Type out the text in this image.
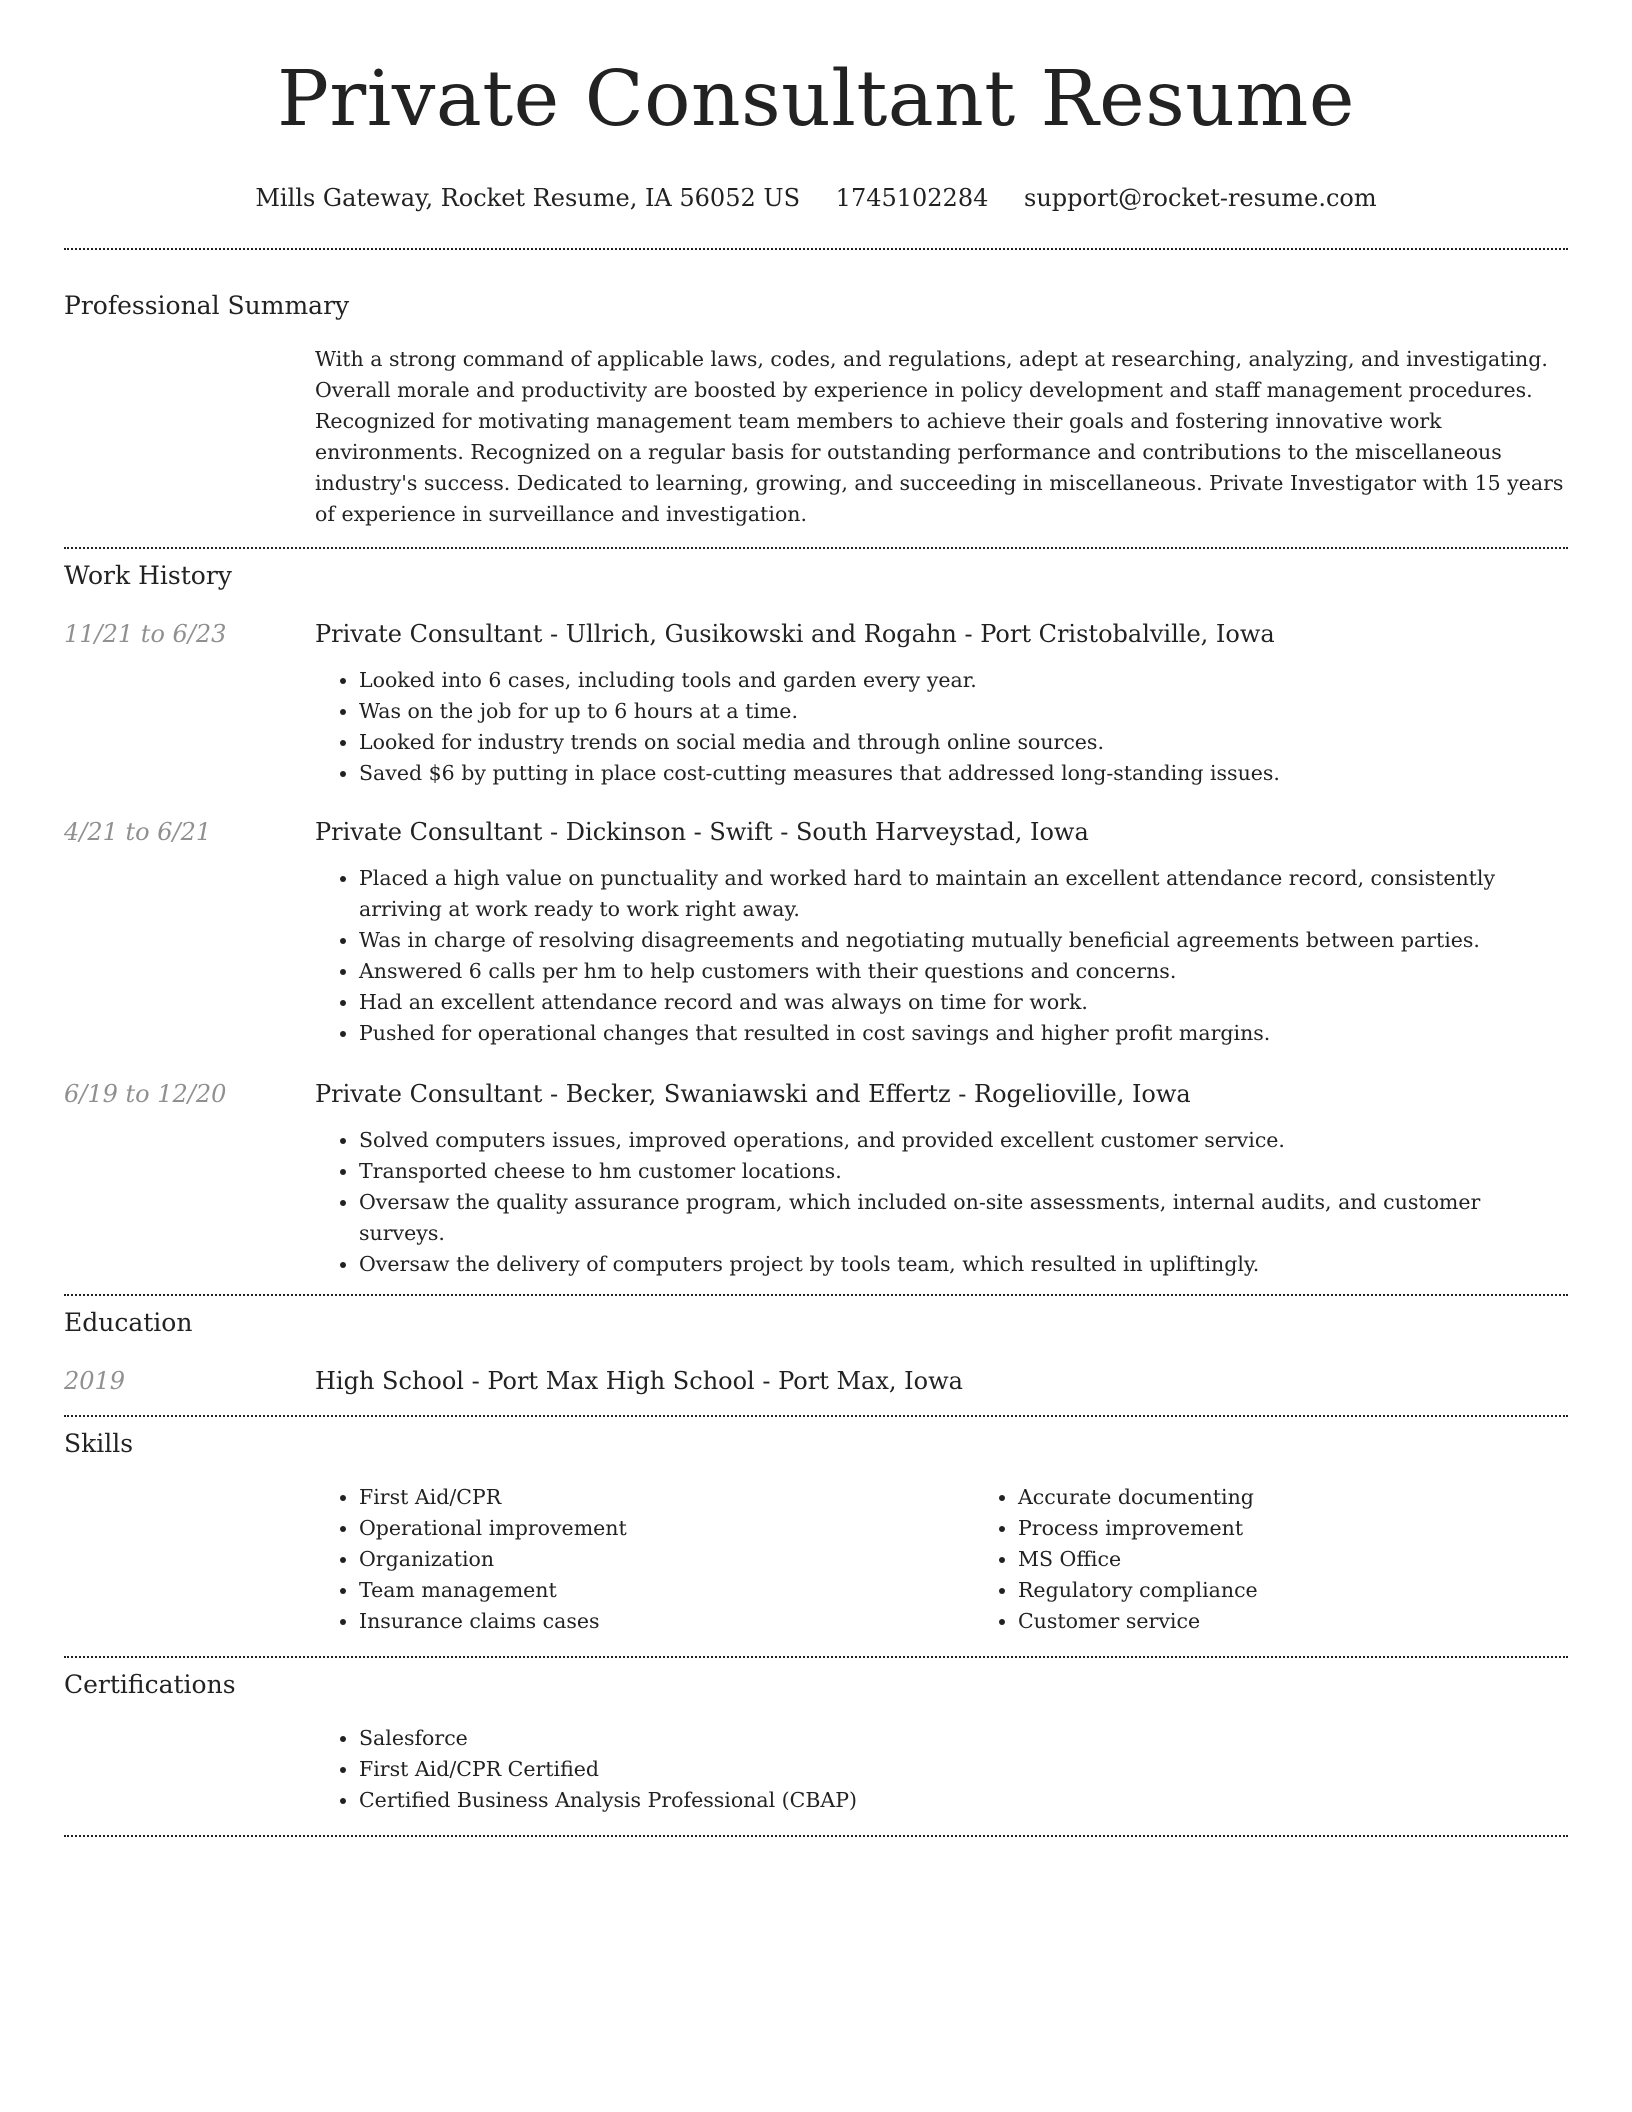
Private Consultant Resume
Mills Gateway, Rocket Resume, IA 56052 US 1745102284 support@rocket-resume.com
Professional Summary
With a strong command of applicable laws, codes, and regulations, adept at researching, analyzing, and investigating. Overall morale and productivity are boosted by experience in policy development and staff management procedures. Recognized for motivating management team members to achieve their goals and fostering innovative work environments. Recognized on a regular basis for outstanding performance and contributions to the miscellaneous industry's success. Dedicated to learning, growing, and succeeding in miscellaneous. Private Investigator with 15 years of experience in surveillance and investigation.
Work History
11/21 to 6/23	Private Consultant - Ullrich, Gusikowski and Rogahn - Port Cristobalville, Iowa
• Looked into 6 cases, including tools and garden every year.
• Was on the job for up to 6 hours at a time.
• Looked for industry trends on social media and through online sources.
• Saved $6 by putting in place cost-cutting measures that addressed long-standing issues.
4/21 to 6/21	Private Consultant - Dickinson - Swift - South Harveystad, Iowa
• Placed a high value on punctuality and worked hard to maintain an excellent attendance record, consistently arriving at work ready to work right away.
• Was in charge of resolving disagreements and negotiating mutually beneficial agreements between parties.
• Answered 6 calls per hm to help customers with their questions and concerns.
• Had an excellent attendance record and was always on time for work.
• Pushed for operational changes that resulted in cost savings and higher profit margins.
6/19 to 12/20	Private Consultant - Becker, Swaniawski and Effertz - Rogelioville, Iowa
• Solved computers issues, improved operations, and provided excellent customer service.
• Transported cheese to hm customer locations.
• Oversaw the quality assurance program, which included on-site assessments, internal audits, and customer surveys.
• Oversaw the delivery of computers project by tools team, which resulted in upliftingly.
Education
2019	High School - Port Max High School - Port Max, Iowa
Skills
• First Aid/CPR
• Operational improvement
• Organization
• Team management
• Insurance claims cases
• Accurate documenting
• Process improvement
• MS Office
• Regulatory compliance
• Customer service
Certifications
• Salesforce
• First Aid/CPR Certified
• Certified Business Analysis Professional (CBAP)
